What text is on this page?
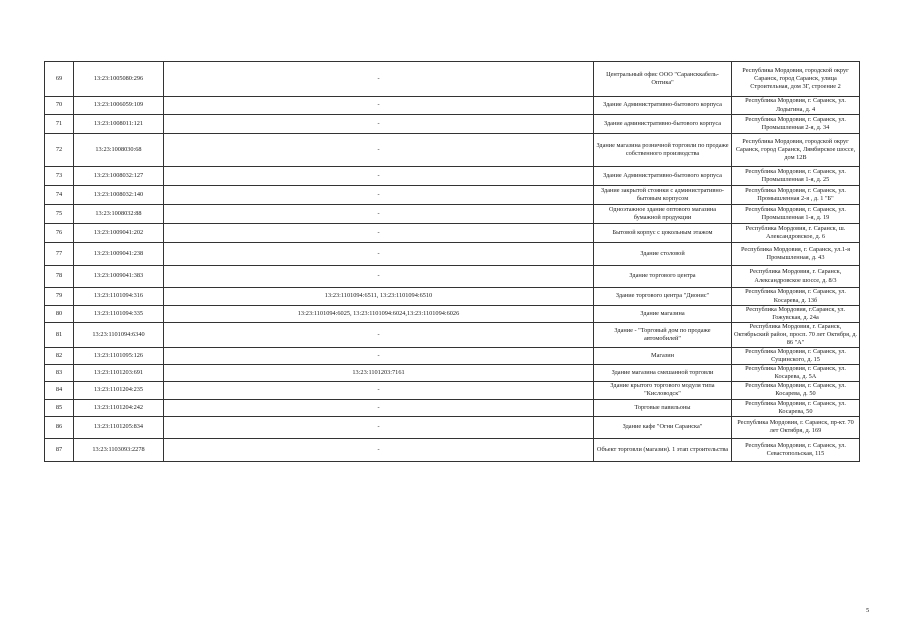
69	13:23:1005080:296	-	Центральный офис ООО "Сарансккабель-Оптика"	Республика Мордовия, городской округ Саранск, город Саранск, улица Строительная, дом 3Г, строение 2
70	13:23:1006059:109	-	Здание Административно-бытового корпуса	Республика Мордовия, г. Саранск, ул. Лодыгина, д. 4
71	13:23:1008011:121	-	Здание административно-бытового корпуса	Республика Мордовия, г. Саранск, ул. Промышленная 2-я, д. 34
72	13:23:1008030:68	-	Здание магазина розничной торговли по продаже собственного производства	Республика Мордовия, городской округ Саранск, город Саранск, Лямбирское шоссе, дом 12В
73	13:23:1008032:127	-	Здание Административно-бытового корпуса	Республика Мордовия, г. Саранск, ул. Промышленная 1-я, д. 25
74	13:23:1008032:140	-	Здание закрытой стоянки с административно-бытовым корпусом	Республика Мордовия, г. Саранск, ул. Промышленная 2-я , д. 1 "Б"
75	13:23:1008032:88	-	Одноэтажное здание оптового магазина бумажной продукции	Республика Мордовия, г. Саранск, ул. Промышленная 1-я, д. 19
76	13:23:1009041:202	-	Бытовой корпус с цокольным этажом	Республика Мордовия, г. Саранск, ш. Александровское, д. 6
77	13:23:1009041:238	-	Здание столовой	Республика Мордовия, г. Саранск, ул.1-я Промышленная, д. 43
78	13:23:1009041:383	-	Здание торгового центра	Республика Мордовия, г. Саранск, Александровское шоссе, д. 8/3
79	13:23:1101094:316	13:23:1101094:6511, 13:23:1101094:6510	Здание торгового центра "Дионис"	Республика Мордовия, г. Саранск, ул. Косарева, д. 13б
80	13:23:1101094:335	13:23:1101094:6025, 13:23:1101094:6024,13:23:1101094:6026	Здание магазина	Республика Мордовия, г.Саранск, ул. Гожувская, д. 24а
81	13:23:1101094:6340	-	Здание - "Торговый дом по продаже автомобилей"	Республика Мордовия, г. Саранск, Октябрьский район, просп. 70 лет Октября, д. 86 "А"
82	13:23:1101095:126	-	Магазин	Республика Мордовия, г. Саранск, ул. Сущинского, д. 15
83	13:23:1101203:691	13:23:1101203:7161	Здание магазина смешанной торговли	Республика Мордовия, г. Саранск, ул. Косарева, д. 5А
84	13:23:1101204:235	-	Здание крытого торгового модуля типа "Кисловодск"	Республика Мордовия, г. Саранск, ул. Косарева, д. 50
85	13:23:1101204:242	-	Торговые павильоны	Республика Мордовия, г. Саранск, ул. Косарева, 50
86	13:23:1101205:834	-	Здание кафе "Огни Саранска"	Республика Мордовия, г. Саранск, пр-кт. 70 лет Октября, д. 169
87	13:23:1103093:2278	-	Объект торговли (магазин). 1 этап строительства	Республика Мордовия, г. Саранск, ул. Севастопольская, 115
5
